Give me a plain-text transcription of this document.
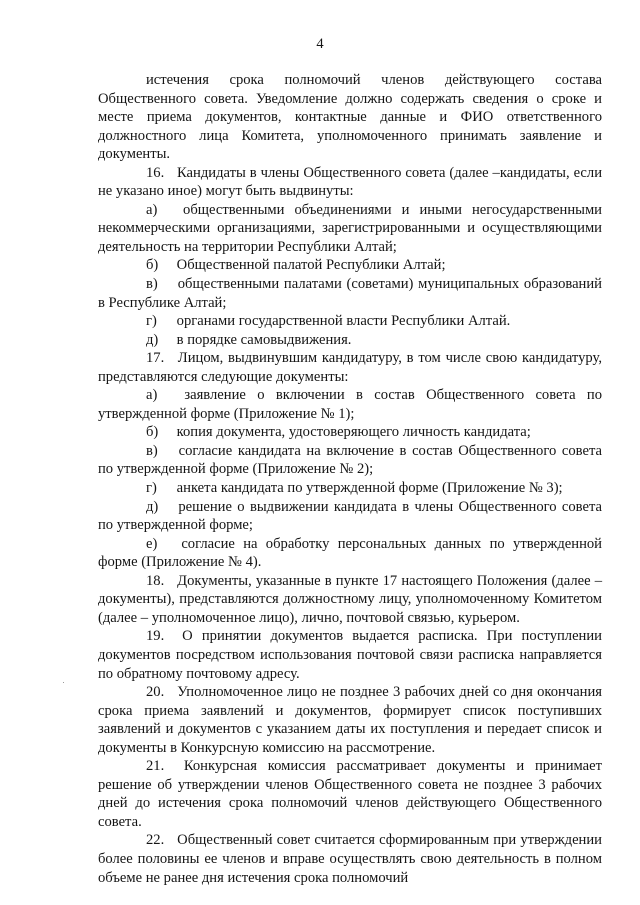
4

истечения срока полномочий членов действующего состава Общественного совета. Уведомление должно содержать сведения о сроке и месте приема документов, контактные данные и ФИО ответственного должностного лица Комитета, уполномоченного принимать заявление и документы.

16. Кандидаты в члены Общественного совета (далее –кандидаты, если не указано иное) могут быть выдвинуты:

а) общественными объединениями и иными негосударственными некоммерческими организациями, зарегистрированными и осуществляющими деятельность на территории Республики Алтай;

б) Общественной палатой Республики Алтай;

в) общественными палатами (советами) муниципальных образований в Республике Алтай;

г) органами государственной власти Республики Алтай.

д) в порядке самовыдвижения.

17. Лицом, выдвинувшим кандидатуру, в том числе свою кандидатуру, представляются следующие документы:

а) заявление о включении в состав Общественного совета по утвержденной форме (Приложение № 1);

б) копия документа, удостоверяющего личность кандидата;

в) согласие кандидата на включение в состав Общественного совета по утвержденной форме (Приложение № 2);

г) анкета кандидата по утвержденной форме (Приложение № 3);

д) решение о выдвижении кандидата в члены Общественного совета по утвержденной форме;

е) согласие на обработку персональных данных по утвержденной форме (Приложение № 4).

18. Документы, указанные в пункте 17 настоящего Положения (далее – документы), представляются должностному лицу, уполномоченному Комитетом (далее – уполномоченное лицо), лично, почтовой связью, курьером.

19. О принятии документов выдается расписка. При поступлении документов посредством использования почтовой связи расписка направляется по обратному почтовому адресу.

20. Уполномоченное лицо не позднее 3 рабочих дней со дня окончания срока приема заявлений и документов, формирует список поступивших заявлений и документов с указанием даты их поступления и передает список и документы в Конкурсную комиссию на рассмотрение.

21. Конкурсная комиссия рассматривает документы и принимает решение об утверждении членов Общественного совета не позднее 3 рабочих дней до истечения срока полномочий членов действующего Общественного совета.

22. Общественный совет считается сформированным при утверждении более половины ее членов и вправе осуществлять свою деятельность в полном объеме не ранее дня истечения срока полномочий
